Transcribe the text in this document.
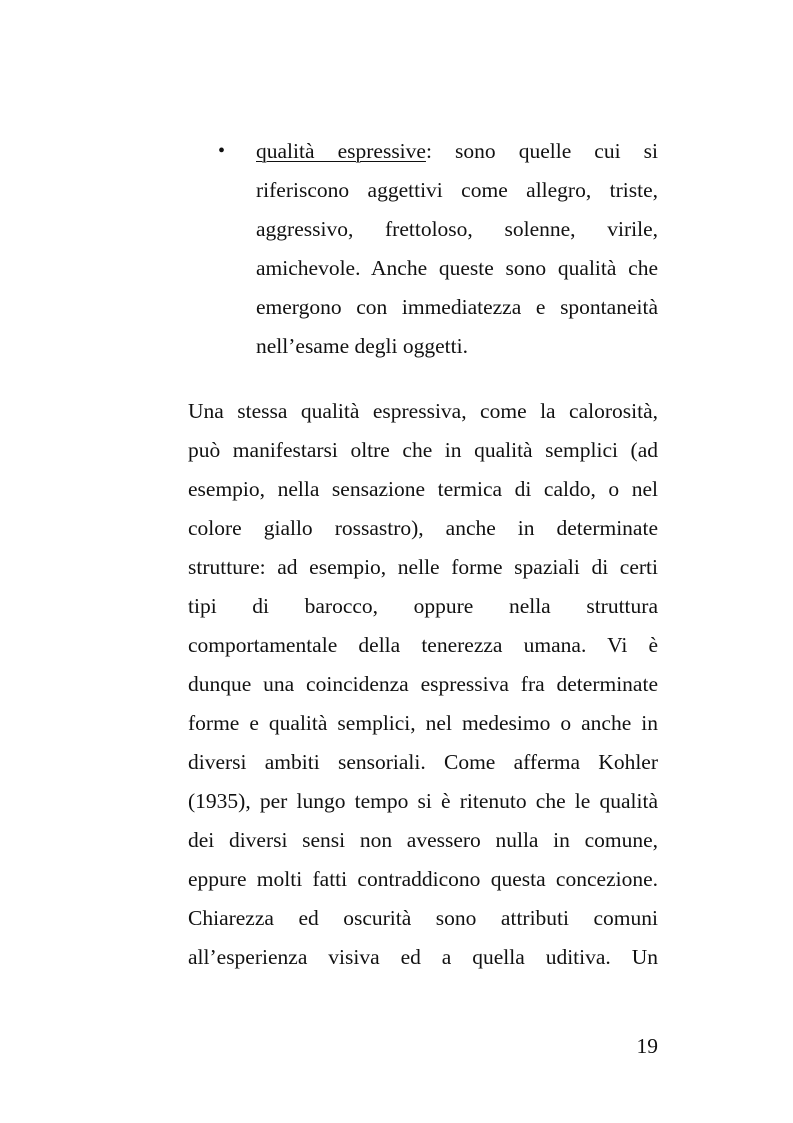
• qualità espressive: sono quelle cui si
riferiscono aggettivi come allegro, triste,
aggressivo, frettoloso, solenne, virile,
amichevole. Anche queste sono qualità che
emergono con immediatezza e spontaneità
nell’esame degli oggetti.
Una stessa qualità espressiva, come la calorosità,
può manifestarsi oltre che in qualità semplici (ad
esempio, nella sensazione termica di caldo, o nel
colore giallo rossastro), anche in determinate
strutture: ad esempio, nelle forme spaziali di certi
tipi di barocco, oppure nella struttura
comportamentale della tenerezza umana. Vi è
dunque una coincidenza espressiva fra determinate
forme e qualità semplici, nel medesimo o anche in
diversi ambiti sensoriali. Come afferma Kohler
(1935), per lungo tempo si è ritenuto che le qualità
dei diversi sensi non avessero nulla in comune,
eppure molti fatti contraddicono questa concezione.
Chiarezza ed oscurità sono attributi comuni
all’esperienza visiva ed a quella uditiva. Un
19
